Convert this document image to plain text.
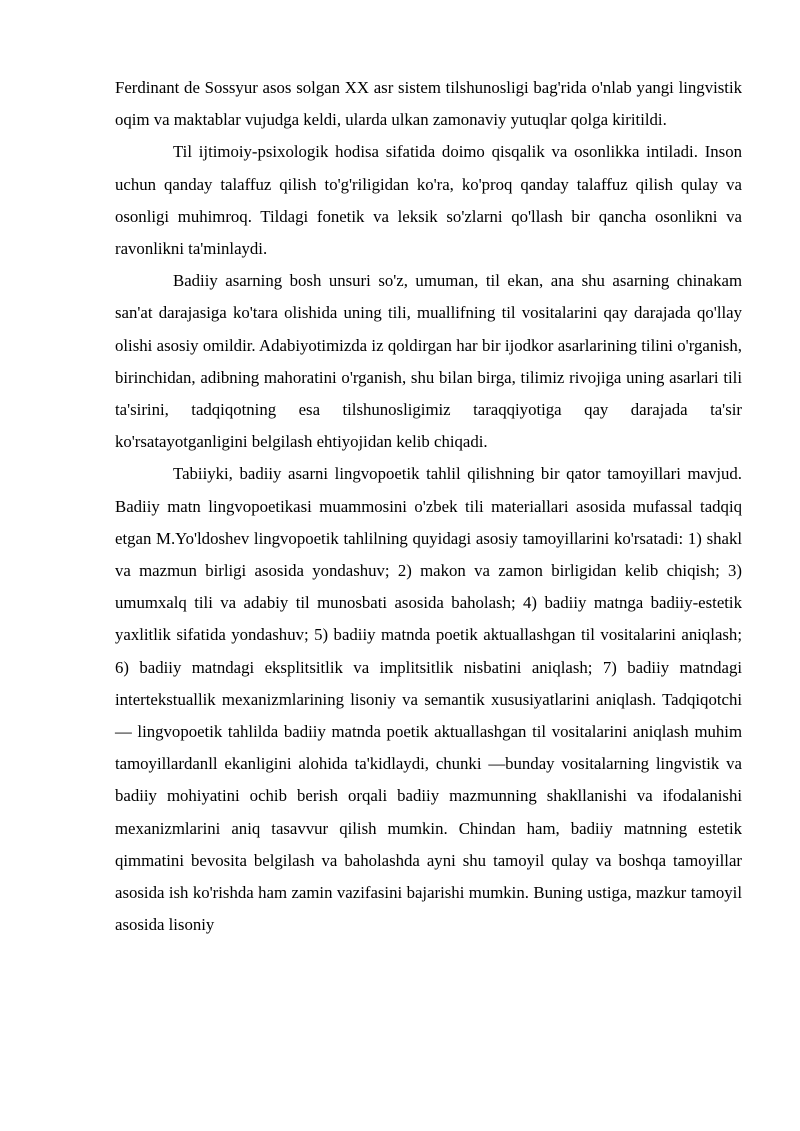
Ferdinant de Sossyur asos solgan XX asr sistem tilshunosligi bag'rida o'nlab yangi lingvistik oqim va maktablar vujudga keldi, ularda ulkan zamonaviy yutuqlar qolga kiritildi.

Til ijtimoiy-psixologik hodisa sifatida doimo qisqalik va osonlikka intiladi. Inson uchun qanday talaffuz qilish to'g'riligidan ko'ra, ko'proq qanday talaffuz qilish qulay va osonligi muhimroq. Tildagi fonetik va leksik so'zlarni qo'llash bir qancha osonlikni va ravonlikni ta'minlaydi.

Badiiy asarning bosh unsuri so'z, umuman, til ekan, ana shu asarning chinakam san'at darajasiga ko'tara olishida uning tili, muallifning til vositalarini qay darajada qo'llay olishi asosiy omildir. Adabiyotimizda iz qoldirgan har bir ijodkor asarlarining tilini o'rganish, birinchidan, adibning mahoratini o'rganish, shu bilan birga, tilimiz rivojiga uning asarlari tili ta'sirini, tadqiqotning esa tilshunosligimiz taraqqiyotiga qay darajada ta'sir ko'rsatayotganligini belgilash ehtiyojidan kelib chiqadi.

Tabiiyki, badiiy asarni lingvopoetik tahlil qilishning bir qator tamoyillari mavjud. Badiiy matn lingvopoetikasi muammosini o'zbek tili materiallari asosida mufassal tadqiq etgan M.Yo'ldoshev lingvopoetik tahlilning quyidagi asosiy tamoyillarini ko'rsatadi: 1) shakl va mazmun birligi asosida yondashuv; 2) makon va zamon birligidan kelib chiqish; 3) umumxalq tili va adabiy til munosbati asosida baholash; 4) badiiy matnga badiiy-estetik yaxlitlik sifatida yondashuv; 5) badiiy matnda poetik aktuallashgan til vositalarini aniqlash; 6) badiiy matndagi eksplitsitlik va implitsitlik nisbatini aniqlash; 7) badiiy matndagi intertekstuallik mexanizmlarining lisoniy va semantik xususiyatlarini aniqlash. Tadqiqotchi — lingvopoetik tahlilda badiiy matnda poetik aktuallashgan til vositalarini aniqlash muhim tamoyillardanll ekanligini alohida ta'kidlaydi, chunki —bunday vositalarning lingvistik va badiiy mohiyatini ochib berish orqali badiiy mazmunning shakllanishi va ifodalanishi mexanizmlarini aniq tasavvur qilish mumkin. Chindan ham, badiiy matnning estetik qimmatini bevosita belgilash va baholashda ayni shu tamoyil qulay va boshqa tamoyillar asosida ish ko'rishda ham zamin vazifasini bajarishi mumkin. Buning ustiga, mazkur tamoyil asosida lisoniy
